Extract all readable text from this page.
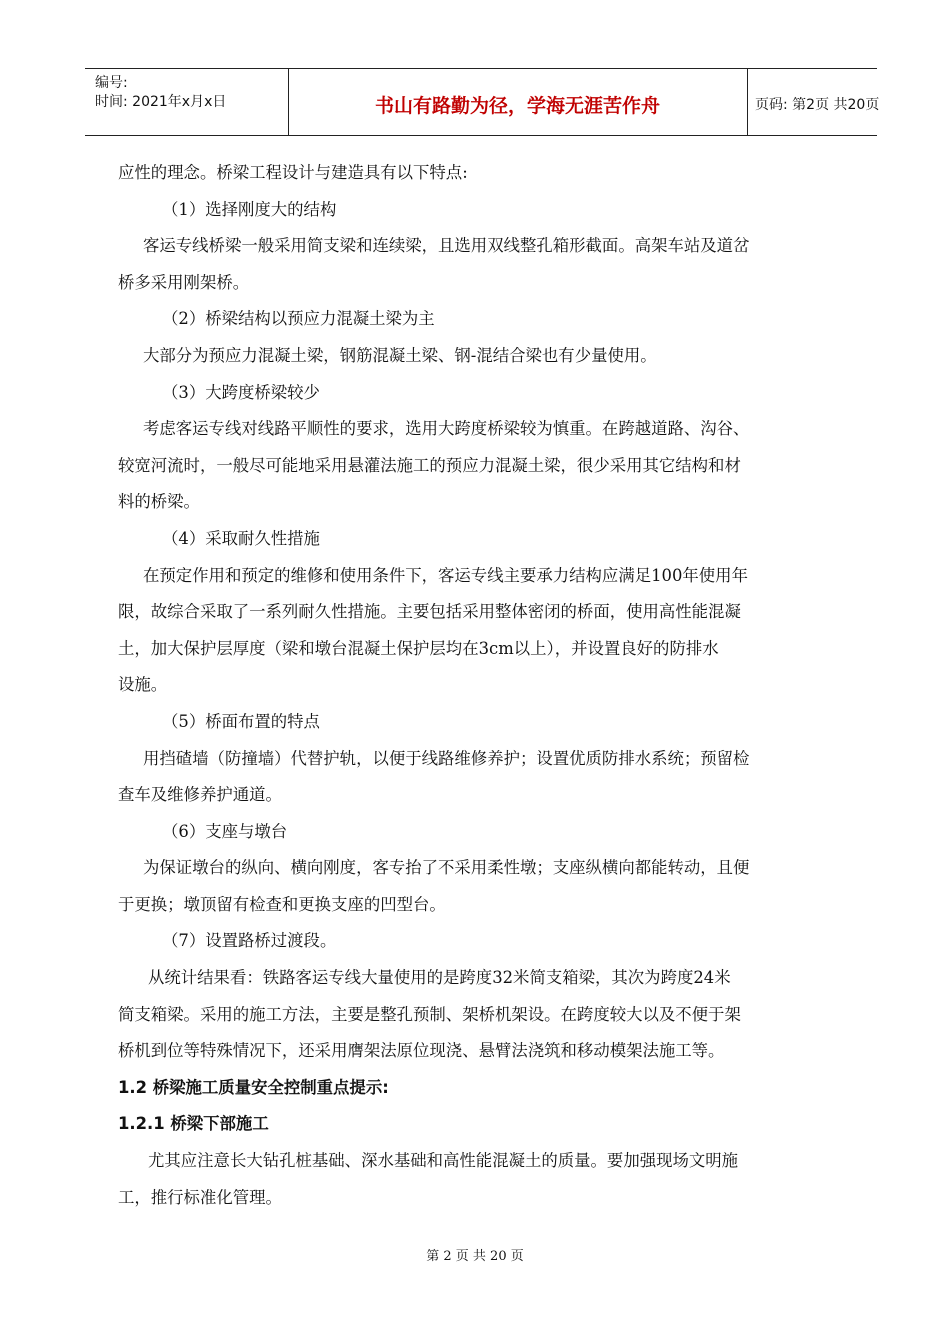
编号:
时间: 2021年x月x日	书山有路勤为径，学海无涯苦作舟	页码: 第2页 共20页

应性的理念。桥梁工程设计与建造具有以下特点:

（1）选择刚度大的结构

客运专线桥梁一般采用简支梁和连续梁，且选用双线整孔箱形截面。高架车站及道岔

桥多采用刚架桥。

（2）桥梁结构以预应力混凝土梁为主

大部分为预应力混凝土梁，钢筋混凝土梁、钢-混结合梁也有少量使用。

（3）大跨度桥梁较少

考虑客运专线对线路平顺性的要求，选用大跨度桥梁较为慎重。在跨越道路、沟谷、

较宽河流时，一般尽可能地采用悬灌法施工的预应力混凝土梁，很少采用其它结构和材

料的桥梁。

（4）采取耐久性措施

在预定作用和预定的维修和使用条件下，客运专线主要承力结构应满足100年使用年

限，故综合采取了一系列耐久性措施。主要包括采用整体密闭的桥面，使用高性能混凝

土，加大保护层厚度（梁和墩台混凝土保护层均在3cm以上），并设置良好的防排水

设施。

（5）桥面布置的特点

用挡碴墙（防撞墙）代替护轨，以便于线路维修养护；设置优质防排水系统；预留检

查车及维修养护通道。

（6）支座与墩台

为保证墩台的纵向、横向刚度，客专抬了不采用柔性墩；支座纵横向都能转动，且便

于更换；墩顶留有检查和更换支座的凹型台。

（7）设置路桥过渡段。

从统计结果看：铁路客运专线大量使用的是跨度32米简支箱梁，其次为跨度24米

简支箱梁。采用的施工方法，主要是整孔预制、架桥机架设。在跨度较大以及不便于架

桥机到位等特殊情况下，还采用膺架法原位现浇、悬臂法浇筑和移动模架法施工等。

1.2 桥梁施工质量安全控制重点提示:

1.2.1 桥梁下部施工

尤其应注意长大钻孔桩基础、深水基础和高性能混凝土的质量。要加强现场文明施

工，推行标准化管理。

第 2 页 共 20 页
